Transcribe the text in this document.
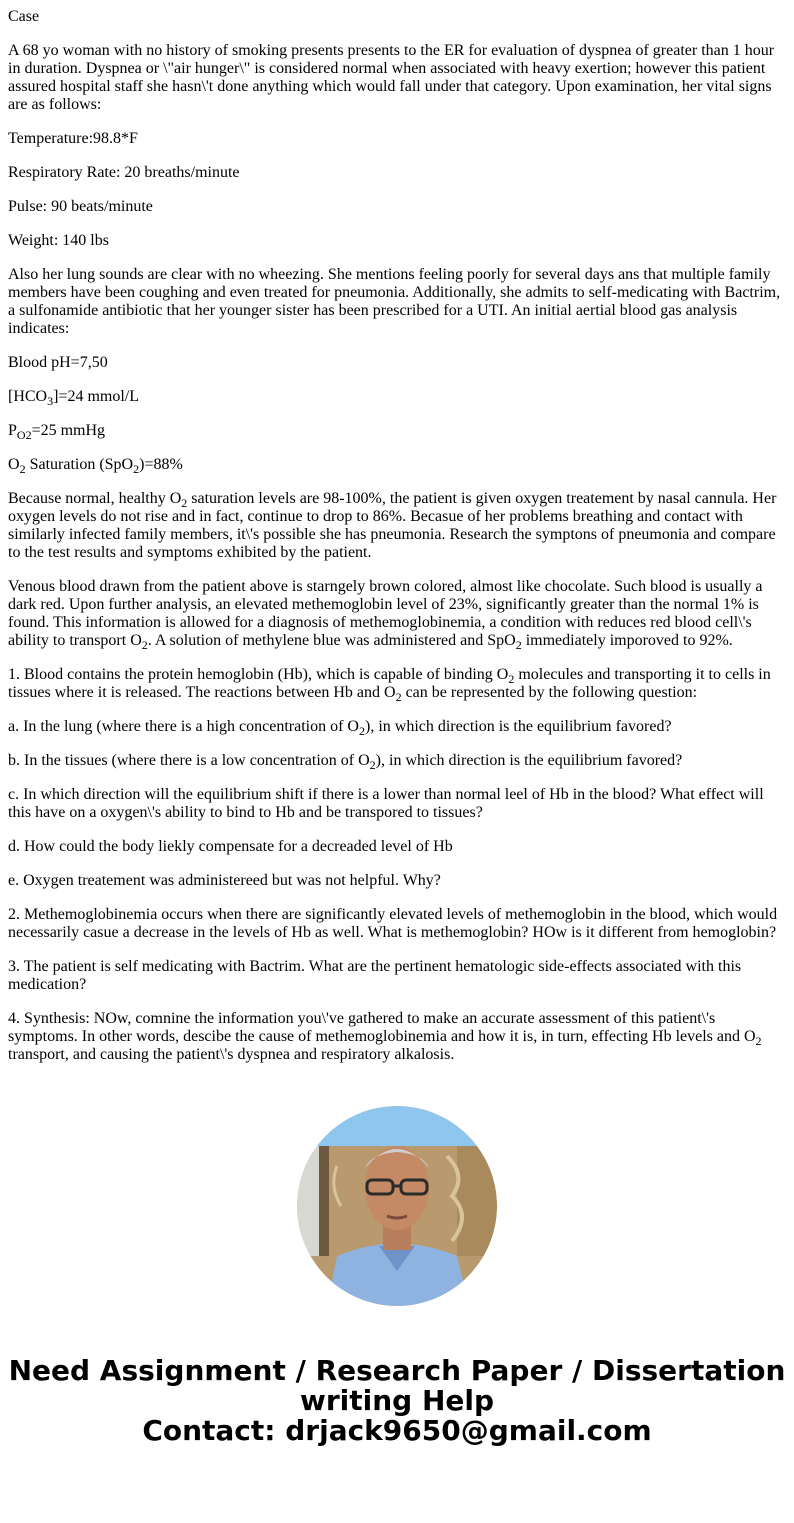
Case

A 68 yo woman with no history of smoking presents presents to the ER for evaluation of dyspnea of greater than 1 hour in duration. Dyspnea or \"air hunger\" is considered normal when associated with heavy exertion; however this patient assured hospital staff she hasn\'t done anything which would fall under that category. Upon examination, her vital signs are as follows:

Temperature:98.8*F

Respiratory Rate: 20 breaths/minute

Pulse: 90 beats/minute

Weight: 140 lbs

Also her lung sounds are clear with no wheezing. She mentions feeling poorly for several days ans that multiple family members have been coughing and even treated for pneumonia. Additionally, she admits to self-medicating with Bactrim, a sulfonamide antibiotic that her younger sister has been prescribed for a UTI. An initial aertial blood gas analysis indicates:

Blood pH=7,50

$[HCO_3]=24$ mmol/L

$P_{O2}=25$ mmHg

$O_2$ Saturation (SpO$_2$)=88%

Because normal, healthy $O_2$ saturation levels are 98-100%, the patient is given oxygen treatement by nasal cannula. Her oxygen levels do not rise and in fact, continue to drop to 86%. Becasue of her problems breathing and contact with similarly infected family members, it\'s possible she has pneumonia. Research the symptons of pneumonia and compare to the test results and symptoms exhibited by the patient.

Venous blood drawn from the patient above is starngely brown colored, almost like chocolate. Such blood is usually a dark red. Upon further analysis, an elevated methemoglobin level of 23%, significantly greater than the normal 1% is found. This information is allowed for a diagnosis of methemoglobinemia, a condition with reduces red blood cell\'s ability to transport $O_2$. A solution of methylene blue was administered and SpO$_2$ immediately imporoved to 92%.

1. Blood contains the protein hemoglobin (Hb), which is capable of binding $O_2$ molecules and transporting it to cells in tissues where it is released. The reactions between Hb and $O_2$ can be represented by the following question:

a. In the lung (where there is a high concentration of $O_2$), in which direction is the equilibrium favored?

b. In the tissues (where there is a low concentration of $O_2$), in which direction is the equilibrium favored?

c. In which direction will the equilibrium shift if there is a lower than normal leel of Hb in the blood? What effect will this have on a oxygen\'s ability to bind to Hb and be transpored to tissues?

d. How could the body liekly compensate for a decreaded level of Hb

e. Oxygen treatement was administereed but was not helpful. Why?

2. Methemoglobinemia occurs when there are significantly elevated levels of methemoglobin in the blood, which would necessarily casue a decrease in the levels of Hb as well. What is methemoglobin? HOw is it different from hemoglobin?

3. The patient is self medicating with Bactrim. What are the pertinent hematologic side-effects associated with this medication?

4. Synthesis: NOw, comnine the information you\'ve gathered to make an accurate assessment of this patient\'s symptoms. In other words, descibe the cause of methemoglobinemia and how it is, in turn, effecting Hb levels and $O_2$ transport, and causing the patient\'s dyspnea and respiratory alkalosis.

Need Assignment / Research Paper / Dissertation
writing Help
Contact: drjack9650@gmail.com
